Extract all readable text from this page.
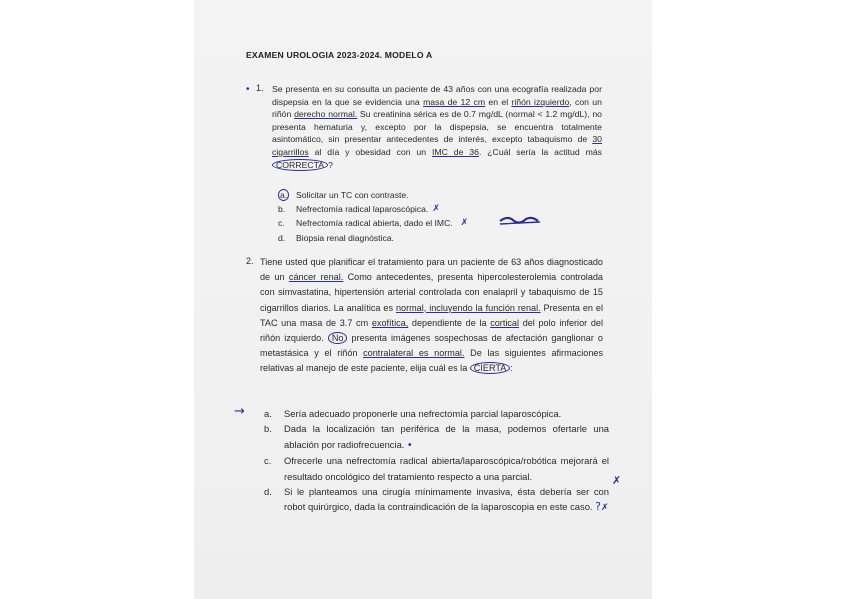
EXAMEN UROLOGIA 2023-2024. MODELO A
• 1. Se presenta en su consulta un paciente de 43 años con una ecografía realizada por dispepsia en la que se evidencia una masa de 12 cm en el riñón izquierdo, con un riñón derecho normal. Su creatinina sérica es de 0.7 mg/dL (normal < 1.2 mg/dL), no presenta hematuria y, excepto por la dispepsia, se encuentra totalmente asintomático, sin presentar antecedentes de interés, excepto tabaquismo de 30 cigarrillos al día y obesidad con un IMC de 36. ¿Cuál sería la actitud más CORRECTA ?
a.	Solicitar un TC con contraste.
b.	Nefrectomía radical laparoscópica. ✗
c.	Nefrectomía radical abierta, dado el IMC. ✗
d.	Biopsia renal diagnóstica.
2. Tiene usted que planificar el tratamiento para un paciente de 63 años diagnosticado de un cáncer renal. Como antecedentes, presenta hipercolesterolemia controlada con simvastatina, hipertensión arterial controlada con enalapril y tabaquismo de 15 cigarrillos diarios. La analítica es normal, incluyendo la función renal. Presenta en el TAC una masa de 3.7 cm exofítica, dependiente de la cortical del polo inferior del riñón izquierdo. No presenta imágenes sospechosas de afectación ganglionar o metastásica y el riñón contralateral es normal. De las siguientes afirmaciones relativas al manejo de este paciente, elija cuál es la CIERTA :
→ a.	Sería adecuado proponerle una nefrectomía parcial laparoscópica.
b.	Dada la localización tan periférica de la masa, podemos ofertarle una ablación por radiofrecuencia. •
c.	Ofrecerle una nefrectomía radical abierta/laparoscópica/robótica mejorará el resultado oncológico del tratamiento respecto a una parcial.
d.	Si le planteamos una cirugía mínimamente invasiva, ésta debería ser con robot quirúrgico, dada la contraindicación de la laparoscopia en este caso. ?✗
✗
